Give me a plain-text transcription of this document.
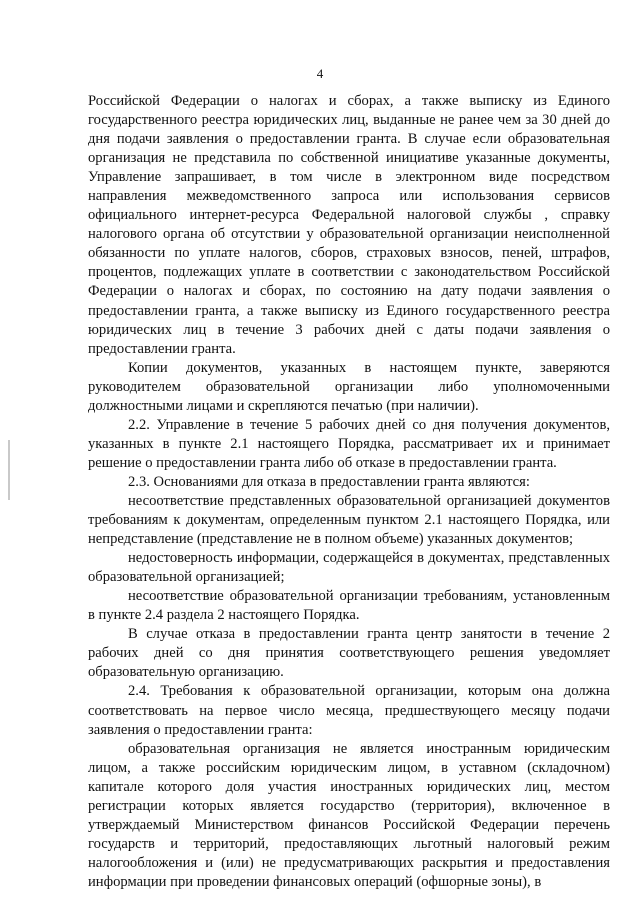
4

Российской Федерации о налогах и сборах, а также выписку из Единого государственного реестра юридических лиц, выданные не ранее чем за 30 дней до дня подачи заявления о предоставлении гранта. В случае если образовательная организация не представила по собственной инициативе указанные документы, Управление запрашивает, в том числе в электронном виде посредством направления межведомственного запроса или использования сервисов официального интернет-ресурса Федеральной налоговой службы , справку налогового органа об отсутствии у образовательной организации неисполненной обязанности по уплате налогов, сборов, страховых взносов, пеней, штрафов, процентов, подлежащих уплате в соответствии с законодательством Российской Федерации о налогах и сборах, по состоянию на дату подачи заявления о предоставлении гранта, а также выписку из Единого государственного реестра юридических лиц в течение 3 рабочих дней с даты подачи заявления о предоставлении гранта.

Копии документов, указанных в настоящем пункте, заверяются руководителем образовательной организации либо уполномоченными должностными лицами и скрепляются печатью (при наличии).

2.2. Управление в течение 5 рабочих дней со дня получения документов, указанных в пункте 2.1 настоящего Порядка, рассматривает их и принимает решение о предоставлении гранта либо об отказе в предоставлении гранта.

2.3. Основаниями для отказа в предоставлении гранта являются:

несоответствие представленных образовательной организацией документов требованиям к документам, определенным пунктом 2.1 настоящего Порядка, или непредставление (представление не в полном объеме) указанных документов;

недостоверность информации, содержащейся в документах, представленных образовательной организацией;

несоответствие образовательной организации требованиям, установленным в пункте 2.4 раздела 2 настоящего Порядка.

В случае отказа в предоставлении гранта центр занятости в течение 2 рабочих дней со дня принятия соответствующего решения уведомляет образовательную организацию.

2.4. Требования к образовательной организации, которым она должна соответствовать на первое число месяца, предшествующего месяцу подачи заявления о предоставлении гранта:

образовательная организация не является иностранным юридическим лицом, а также российским юридическим лицом, в уставном (складочном) капитале которого доля участия иностранных юридических лиц, местом регистрации которых является государство (территория), включенное в утверждаемый Министерством финансов Российской Федерации перечень государств и территорий, предоставляющих льготный налоговый режим налогообложения и (или) не предусматривающих раскрытия и предоставления информации при проведении финансовых операций (офшорные зоны), в
